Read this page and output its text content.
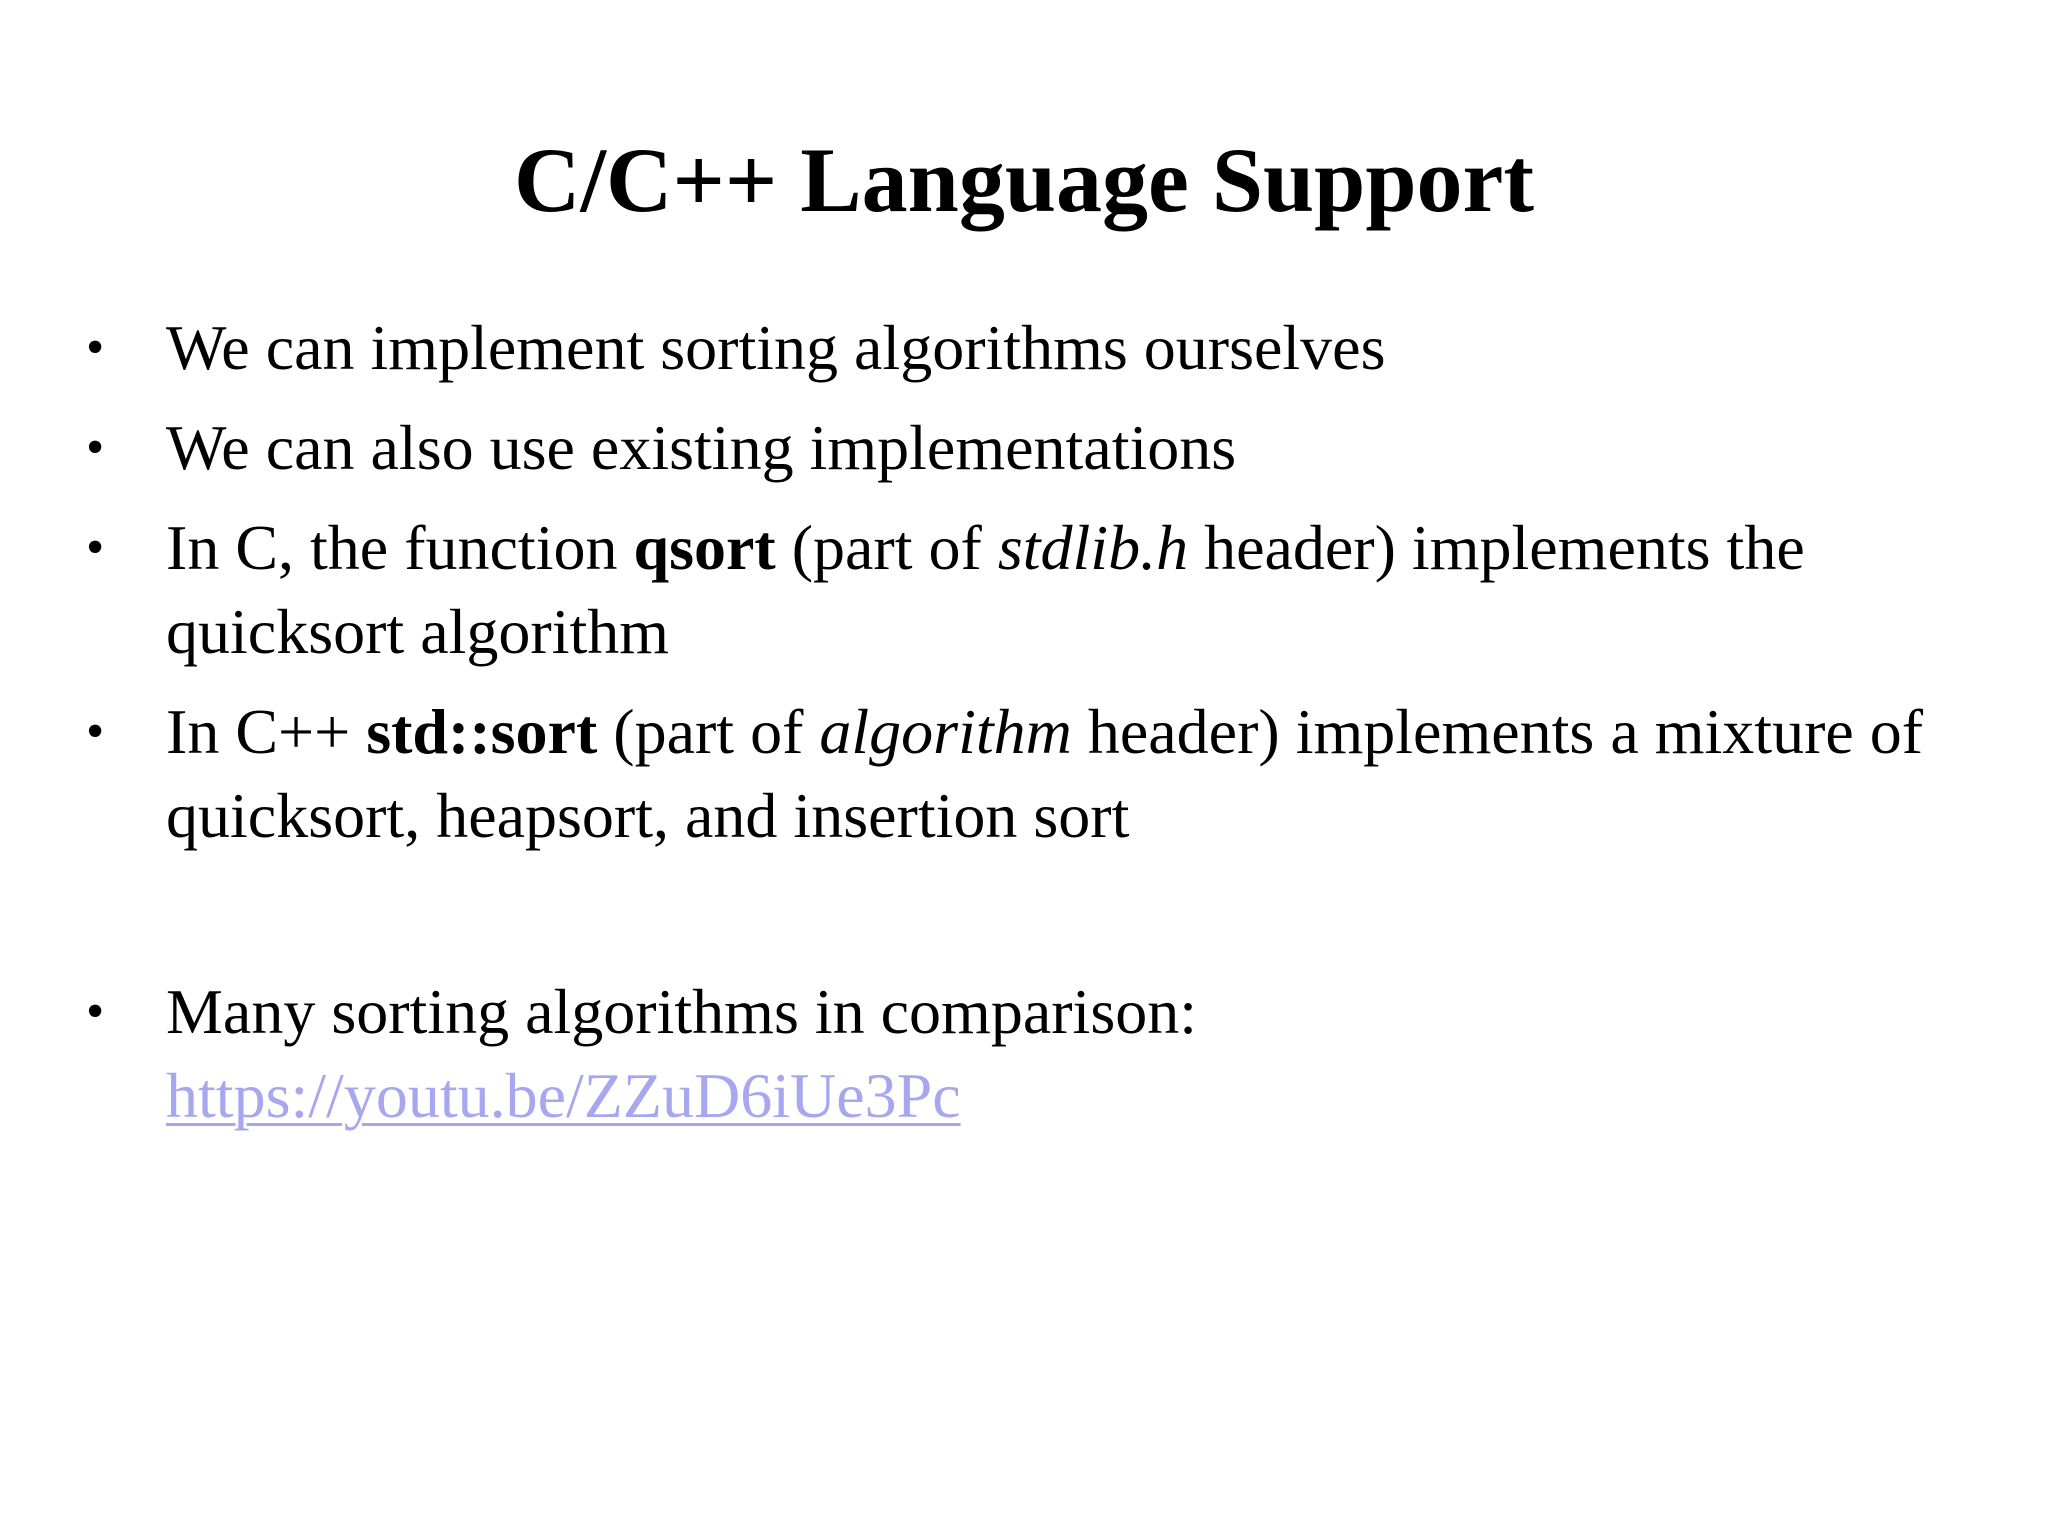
C/C++ Language Support
• We can implement sorting algorithms ourselves
• We can also use existing implementations
• In C, the function qsort (part of stdlib.h header) implements the quicksort algorithm
• In C++ std::sort (part of algorithm header) implements a mixture of quicksort, heapsort, and insertion sort
• Many sorting algorithms in comparison:
https://youtu.be/ZZuD6iUe3Pc
